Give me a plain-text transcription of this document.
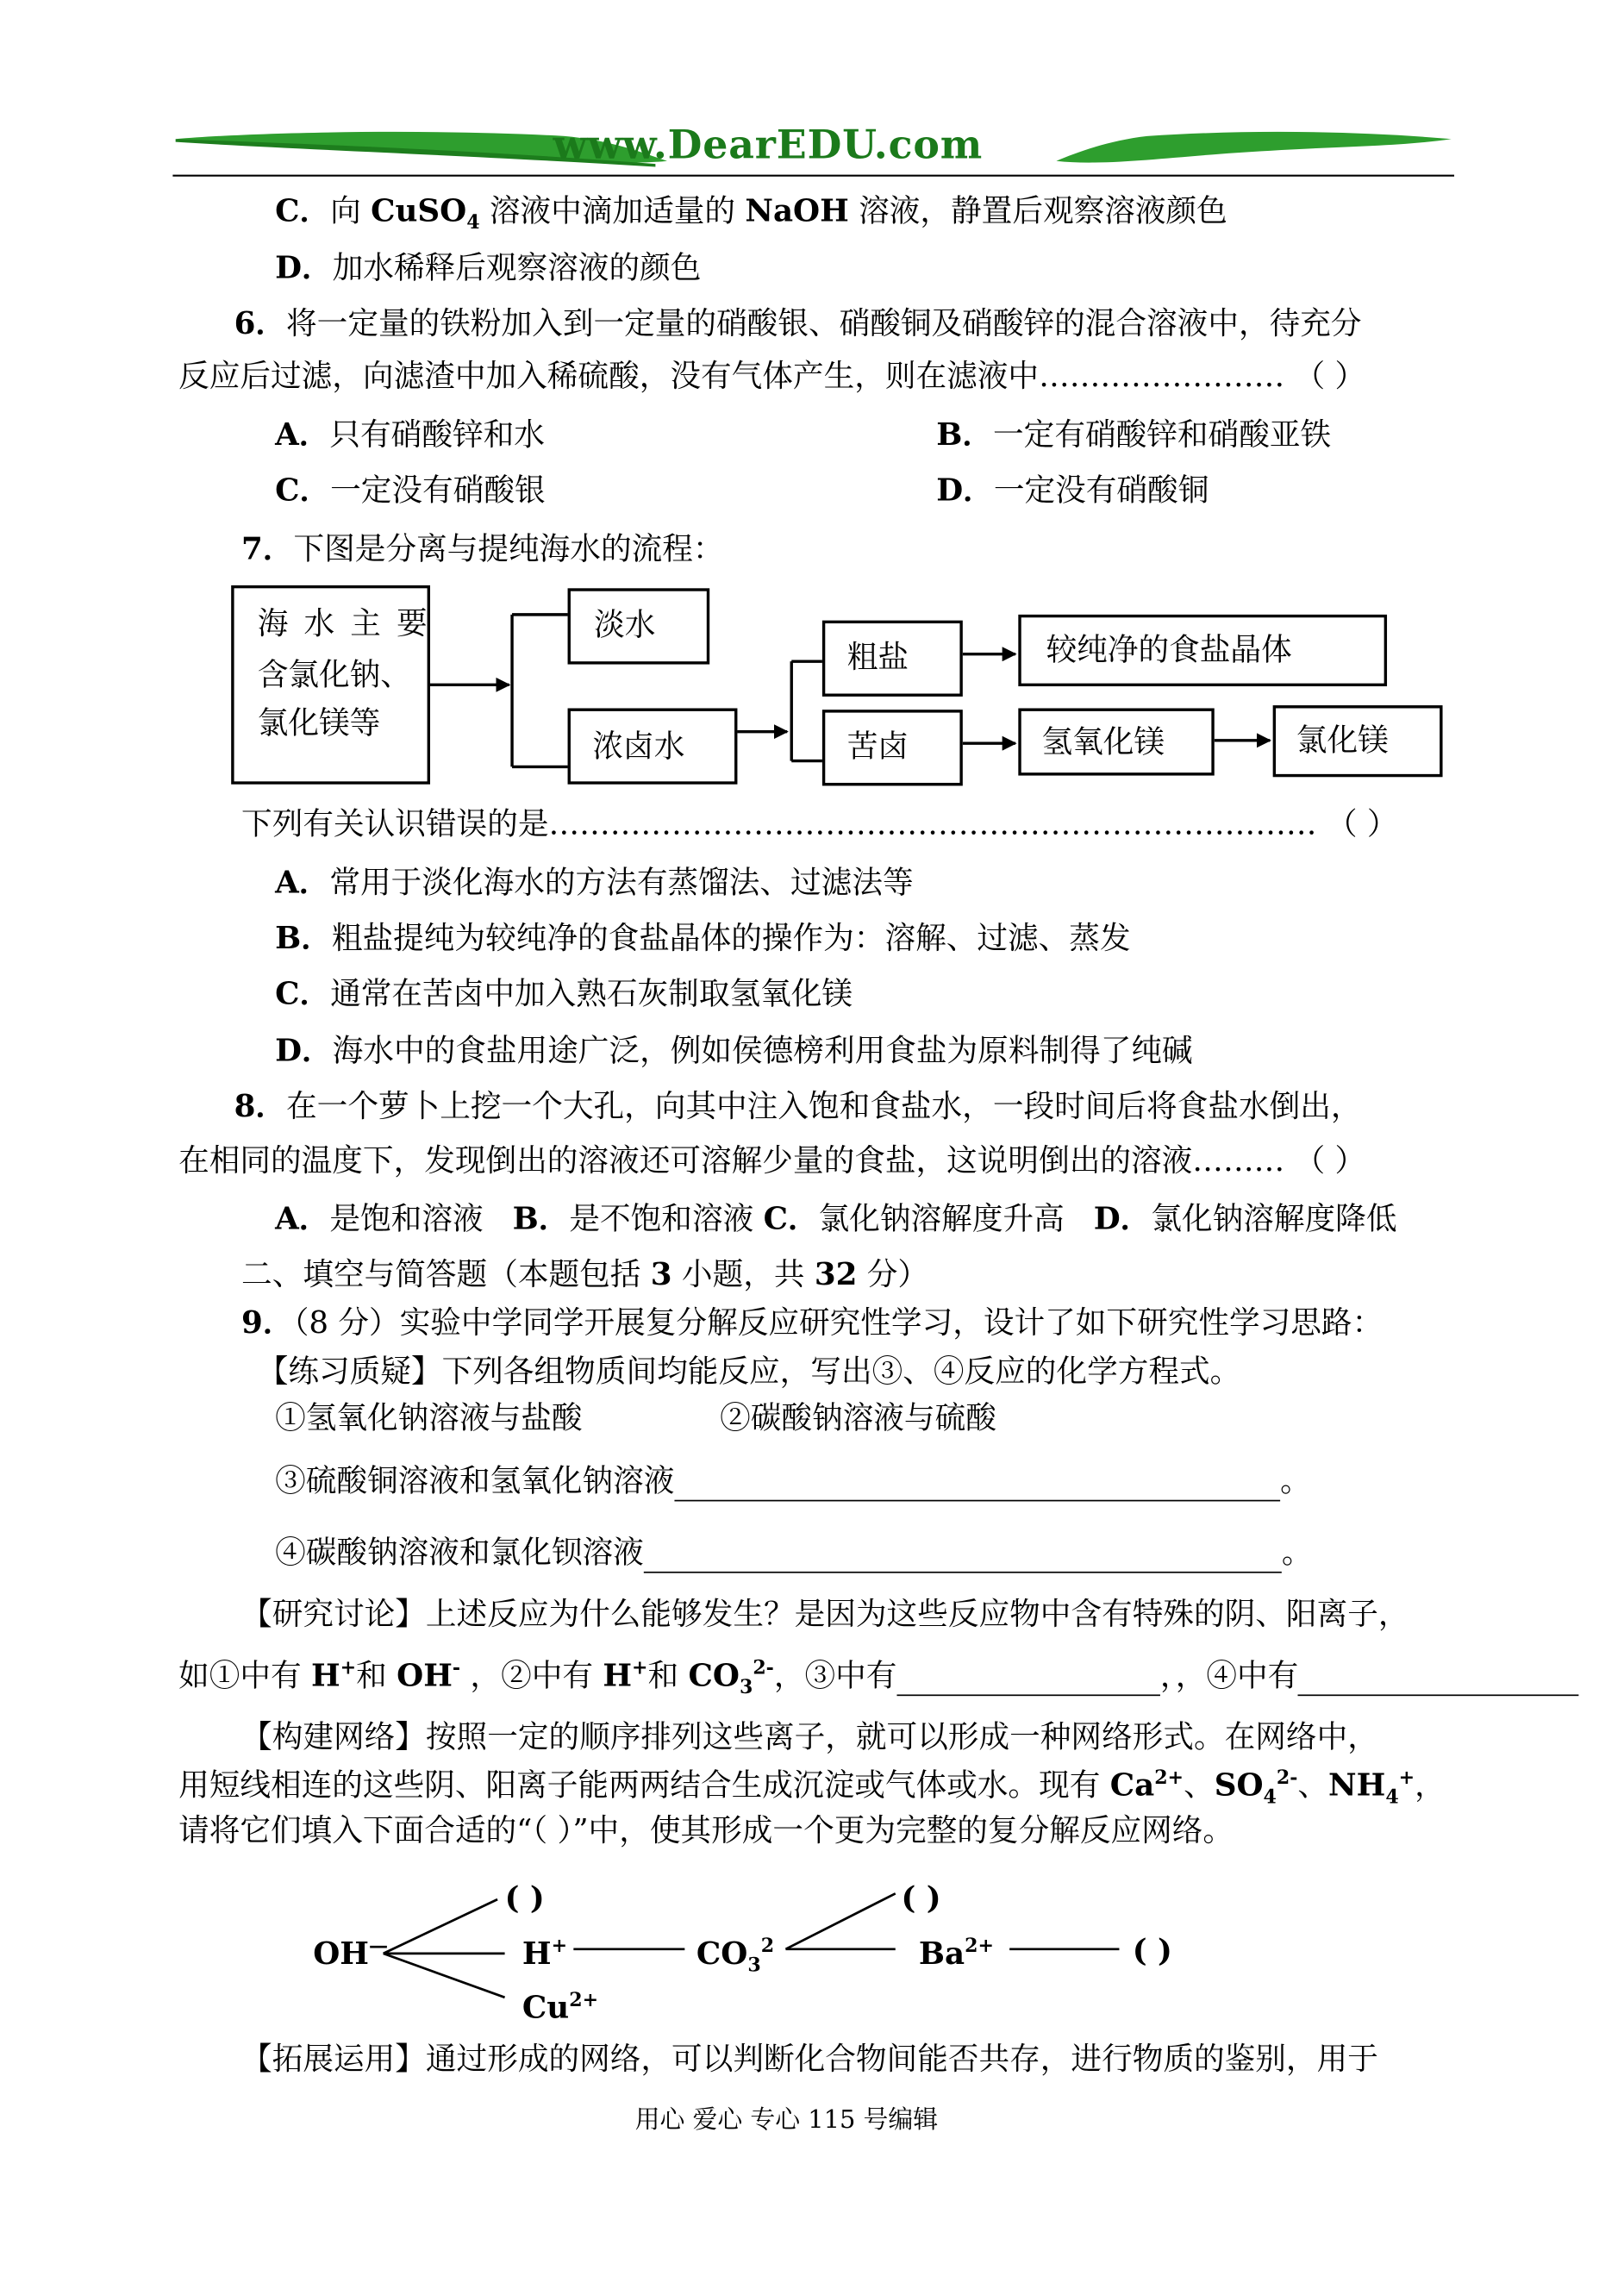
www.DearEDU.com
C．向 CuSO$_4$ 溶液中滴加适量的 NaOH 溶液，静置后观察溶液颜色
D．加水稀释后观察溶液的颜色
6．将一定量的铁粉加入到一定量的硝酸银、硝酸铜及硝酸锌的混合溶液中，待充分
反应后过滤，向滤渣中加入稀硫酸，没有气体产生，则在滤液中…………………… （ ）
A．只有硝酸锌和水	B．一定有硝酸锌和硝酸亚铁
C．一定没有硝酸银	D．一定没有硝酸铜
7．下图是分离与提纯海水的流程：
海 水 主 要
含氯化钠、
氯化镁等
淡水
浓卤水
粗盐
苦卤
较纯净的食盐晶体
氢氧化镁	氯化镁
下列有关认识错误的是………………………………………………………………… （ ）
A．常用于淡化海水的方法有蒸馏法、过滤法等
B．粗盐提纯为较纯净的食盐晶体的操作为：溶解、过滤、蒸发
C．通常在苦卤中加入熟石灰制取氢氧化镁
D．海水中的食盐用途广泛，例如侯德榜利用食盐为原料制得了纯碱
8．在一个萝卜上挖一个大孔，向其中注入饱和食盐水，一段时间后将食盐水倒出，
在相同的温度下，发现倒出的溶液还可溶解少量的食盐，这说明倒出的溶液……… （ ）
A．是饱和溶液 B．是不饱和溶液 C．氯化钠溶解度升高 D．氯化钠溶解度降低
二、填空与简答题（本题包括 3 小题，共 32 分）
9．（8 分）实验中学同学开展复分解反应研究性学习，设计了如下研究性学习思路：
【练习质疑】下列各组物质间均能反应，写出③、④反应的化学方程式。
①氢氧化钠溶液与盐酸	②碳酸钠溶液与硫酸
③硫酸铜溶液和氢氧化钠溶液	。
④碳酸钠溶液和氯化钡溶液	。
【研究讨论】上述反应为什么能够发生？是因为这些反应物中含有特殊的阴、阳离子，
如①中有 H+和 OH- ，②中有 H+和 $CO_3^{2-}$，③中有	，，④中有
【构建网络】按照一定的顺序排列这些离子，就可以形成一种网络形式。在网络中，
用短线相连的这些阴、阳离子能两两结合生成沉淀或气体或水。现有 $Ca^{2+}$、$SO_4^{2-}$、$NH_4^+$，
请将它们填入下面合适的“（ ）”中，使其形成一个更为完整的复分解反应网络。
OH—
( )
H+
$Cu^{2+}$
$CO_3^2$
( )
$Ba^{2+}$	( )
【拓展运用】通过形成的网络，可以判断化合物间能否共存，进行物质的鉴别，用于
用心 爱心 专心 115 号编辑
